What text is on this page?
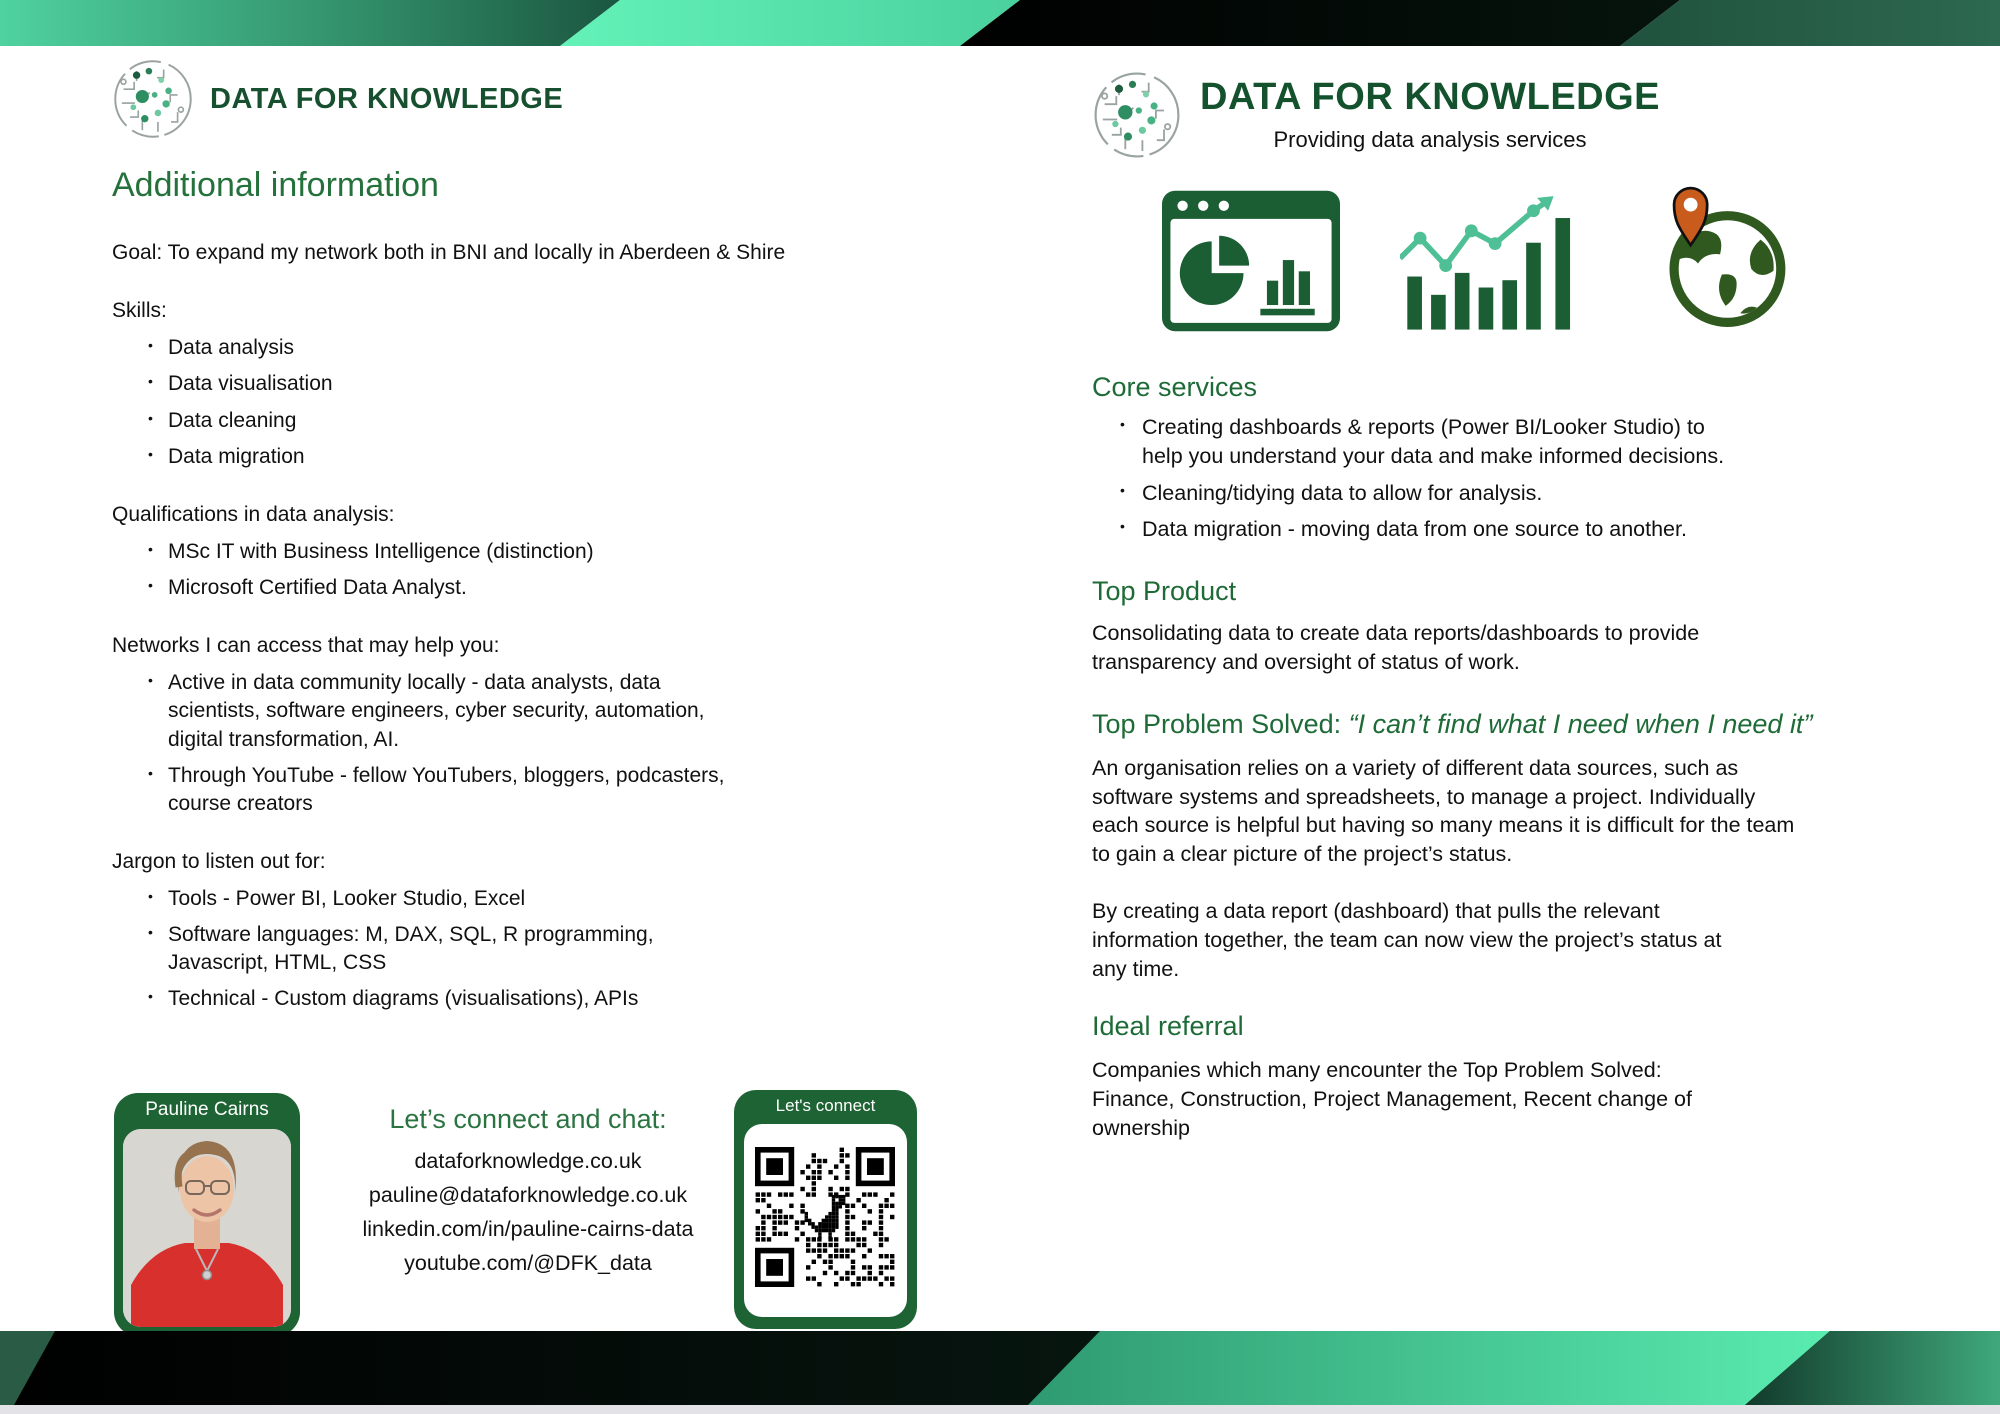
DATA FOR KNOWLEDGE
Additional information

Goal: To expand my network both in BNI and locally in Aberdeen & Shire

Skills:

• Data analysis
• Data visualisation
• Data cleaning
• Data migration

Qualifications in data analysis:

• MSc IT with Business Intelligence (distinction)
• Microsoft Certified Data Analyst.

Networks I can access that may help you:

• Active in data community locally - data analysts, data scientists, software engineers, cyber security, automation, digital transformation, AI.
• Through YouTube - fellow YouTubers, bloggers, podcasters, course creators

Jargon to listen out for:

• Tools - Power BI, Looker Studio, Excel
• Software languages: M, DAX, SQL, R programming, Javascript, HTML, CSS
• Technical - Custom diagrams (visualisations), APIs
Pauline Cairns	Let’s connect and chat:

dataforknowledge.co.uk
pauline@dataforknowledge.co.uk
linkedin.com/in/pauline-cairns-data
youtube.com/@DFK_data
Let's connect
DATA FOR KNOWLEDGE
Providing data analysis services
Core services
• Creating dashboards & reports (Power BI/Looker Studio) to help you understand your data and make informed decisions.
• Cleaning/tidying data to allow for analysis.
• Data migration - moving data from one source to another.
Top Product

Consolidating data to create data reports/dashboards to provide transparency and oversight of status of work.

Top Problem Solved: “I can’t find what I need when I need it”

An organisation relies on a variety of different data sources, such as software systems and spreadsheets, to manage a project. Individually each source is helpful but having so many means it is difficult for the team to gain a clear picture of the project’s status.

By creating a data report (dashboard) that pulls the relevant information together, the team can now view the project’s status at any time.

Ideal referral

Companies which many encounter the Top Problem Solved: Finance, Construction, Project Management, Recent change of ownership
